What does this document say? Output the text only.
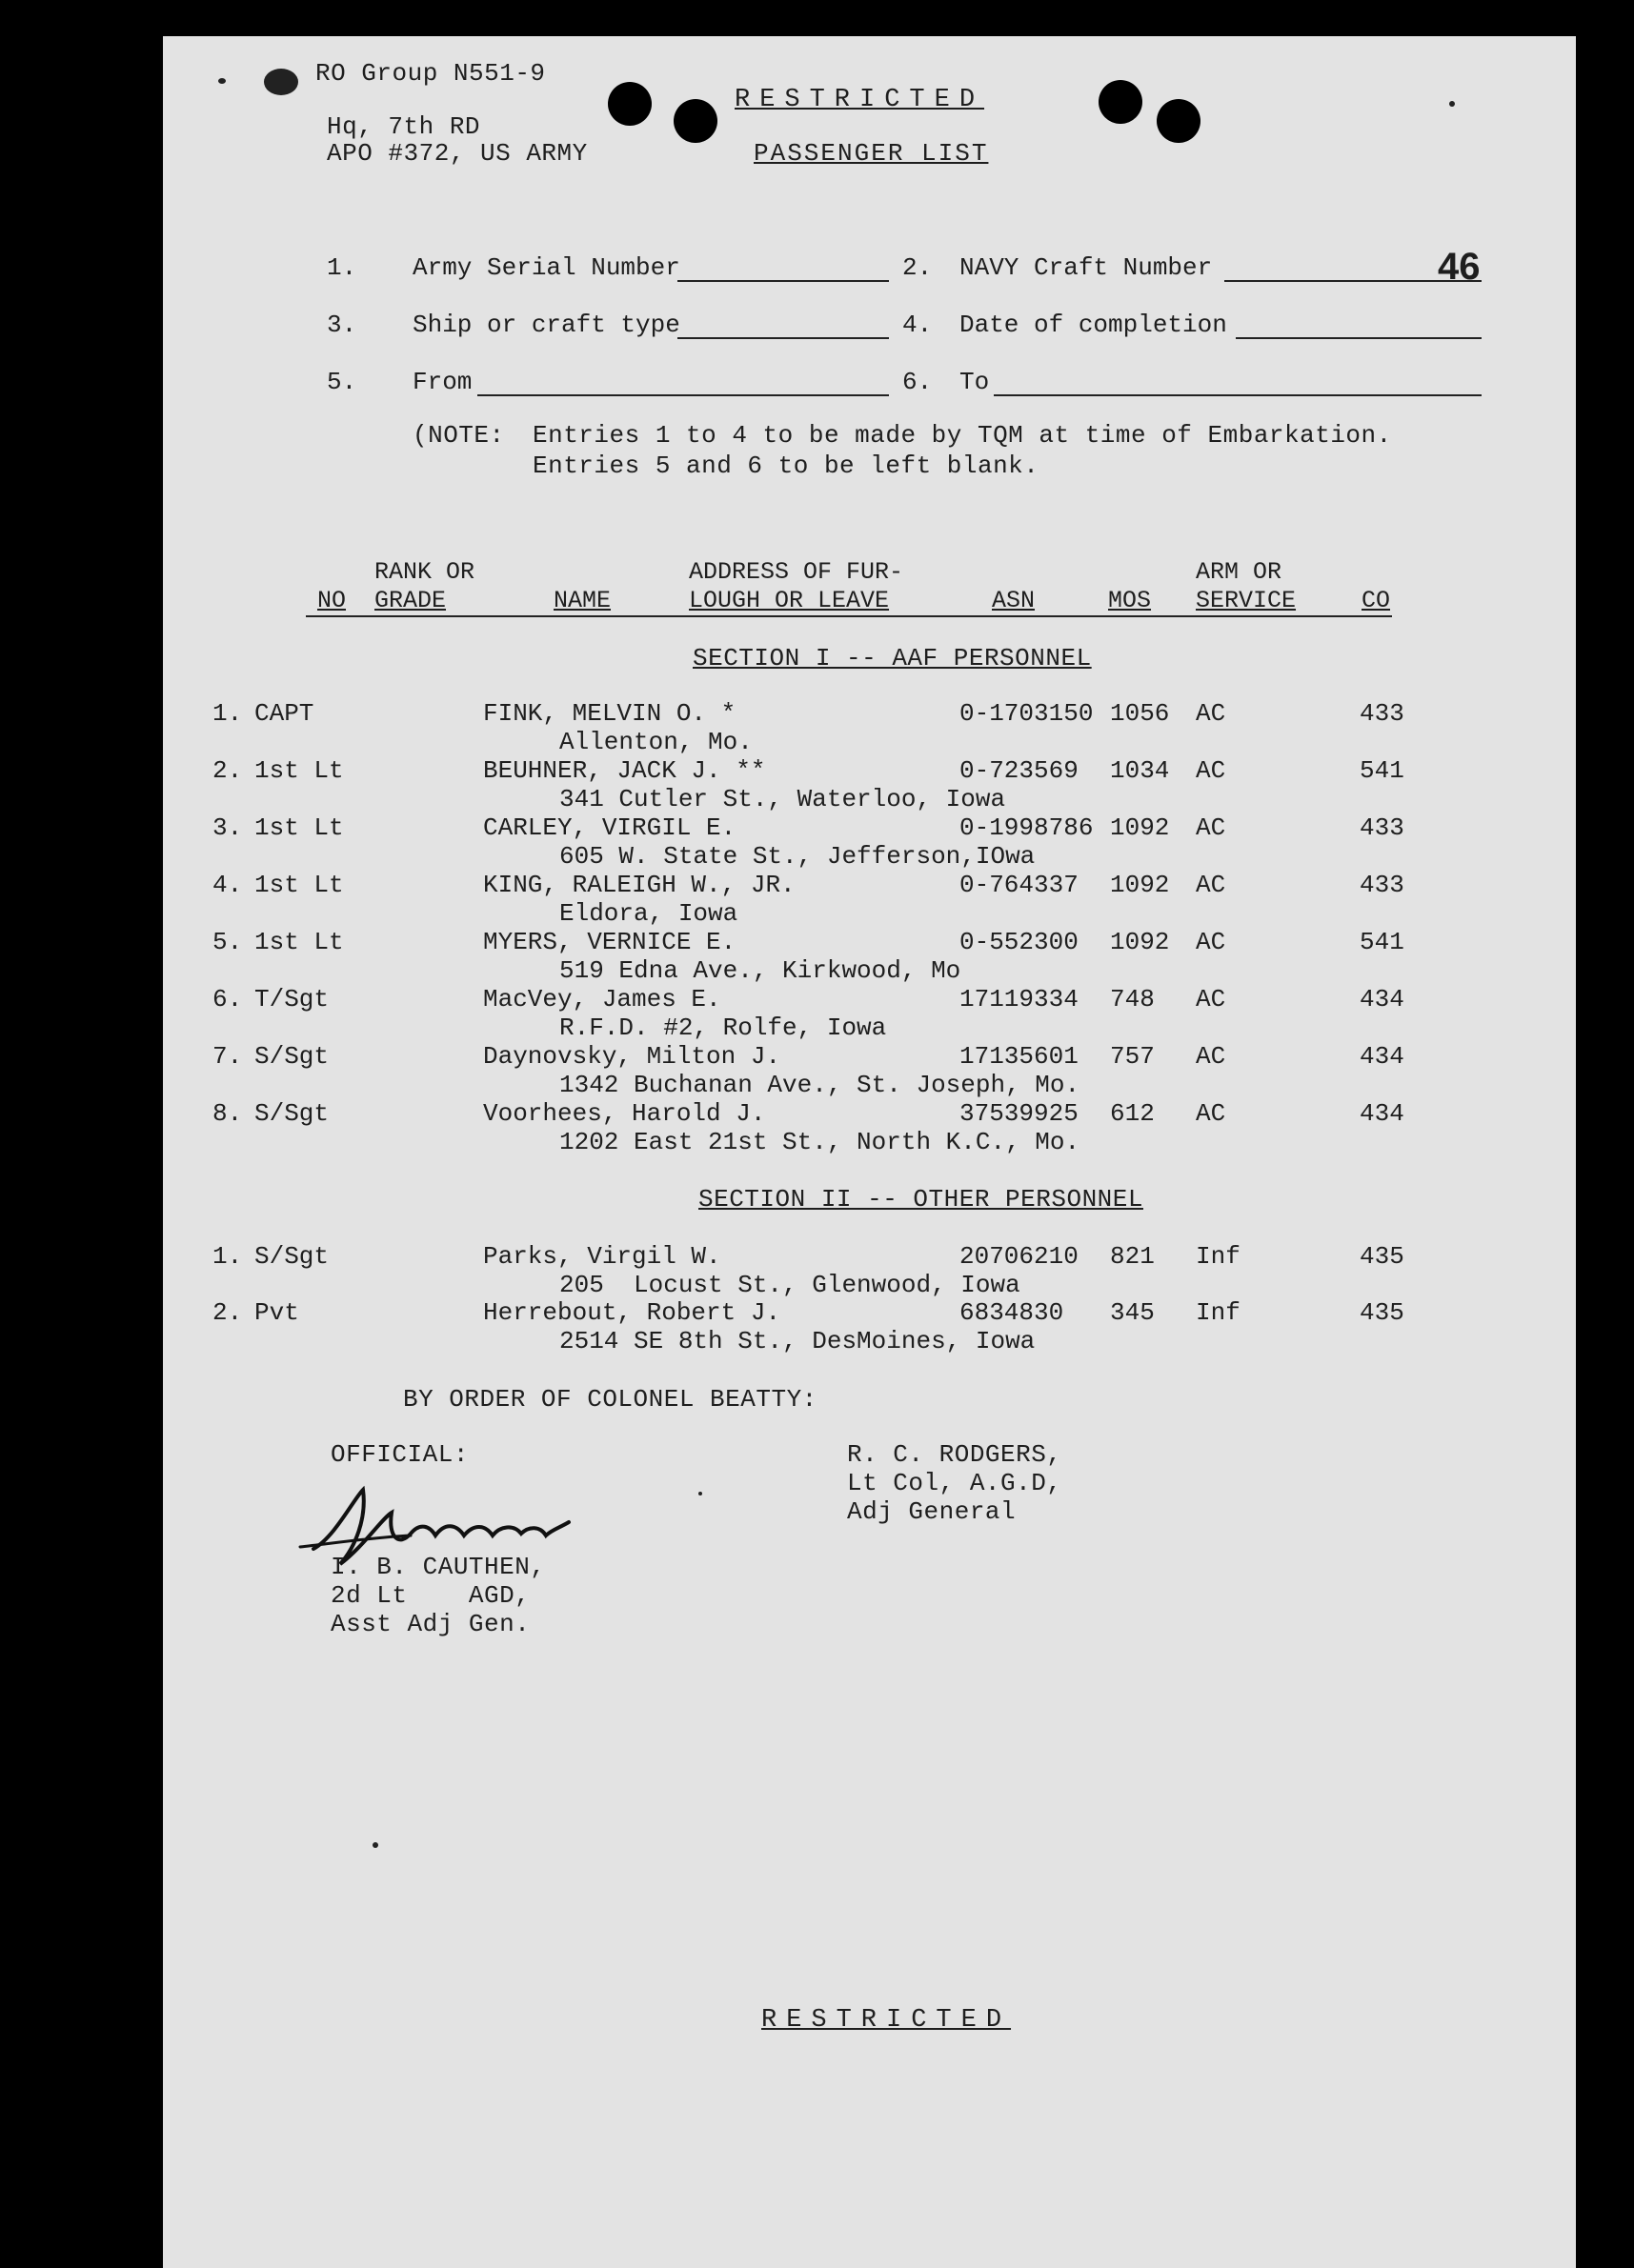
RO Group N551-9
Hq, 7th RD
APO #372, US ARMY
RESTRICTED
PASSENGER LIST
46
1. Army Serial Number	2. NAVY Craft Number
3. Ship or craft type	4. Date of completion
5. From	6. To
(NOTE: Entries 1 to 4 to be made by TQM at time of Embarkation.
Entries 5 and 6 to be left blank.
RANK OR
GRADE
NO	NAME
ADDRESS OF FUR-
LOUGH OR LEAVE	ASN	MOS
ARM OR
SERVICE	CO
SECTION I -- AAF PERSONNEL
1. CAPT	FINK, MELVIN O. *	0-1703150 1056 AC	433
Allenton, Mo.
2. 1st Lt	BEUHNER, JACK J. **	0-723569 1034 AC	541
341 Cutler St., Waterloo, Iowa
3. 1st Lt	CARLEY, VIRGIL E.	0-1998786 1092 AC	433
605 W. State St., Jefferson,IOwa
4. 1st Lt	KING, RALEIGH W., JR.	0-764337 1092 AC	433
Eldora, Iowa
5. 1st Lt	MYERS, VERNICE E.	0-552300 1092 AC	541
519 Edna Ave., Kirkwood, Mo
6. T/Sgt	MacVey, James E.	17119334 748 AC	434
R.F.D. #2, Rolfe, Iowa
7. S/Sgt	Daynovsky, Milton J.	17135601 757 AC	434
1342 Buchanan Ave., St. Joseph, Mo.
8. S/Sgt	Voorhees, Harold J.	37539925 612 AC	434
1202 East 21st St., North K.C., Mo.
SECTION II -- OTHER PERSONNEL
1. S/Sgt	Parks, Virgil W.	20706210 821 Inf	435
205  Locust St., Glenwood, Iowa
2. Pvt	Herrebout, Robert J.	6834830 345 Inf	435
2514 SE 8th St., DesMoines, Iowa
BY ORDER OF COLONEL BEATTY:
OFFICIAL:	R. C. RODGERS,
Lt Col, A.G.D,
Adj General
I. B. CAUTHEN,
2d Lt    AGD,
Asst Adj Gen.
RESTRICTED
